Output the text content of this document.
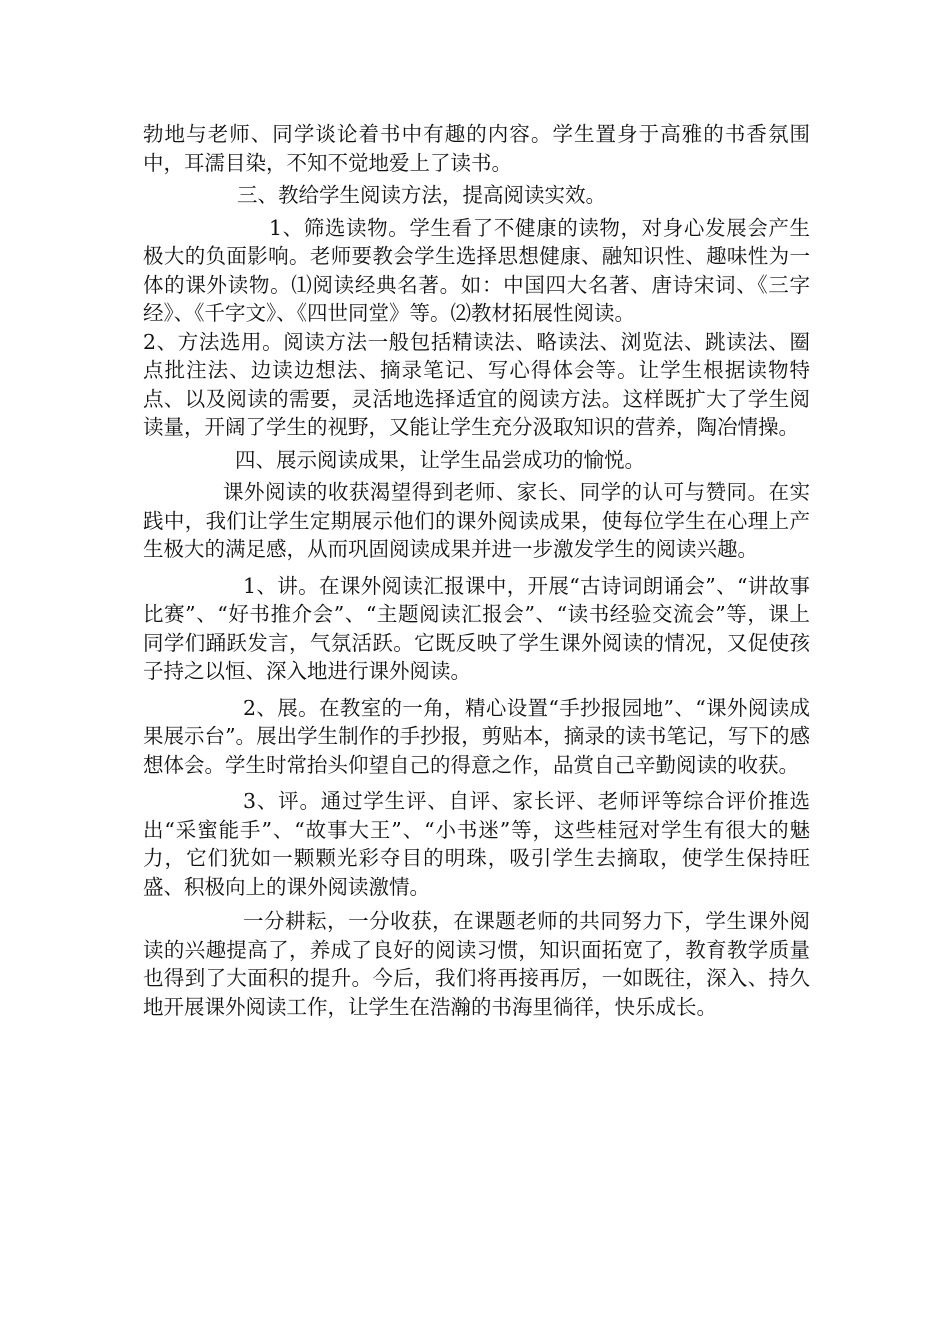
勃地与老师、同学谈论着书中有趣的内容。学生置身于高雅的书香氛围中，耳濡目染，不知不觉地爱上了读书。

三、教给学生阅读方法，提高阅读实效。

1、筛选读物。学生看了不健康的读物，对身心发展会产生极大的负面影响。老师要教会学生选择思想健康、融知识性、趣味性为一体的课外读物。⑴阅读经典名著。如：中国四大名著、唐诗宋词、《三字经》、《千字文》、《四世同堂》等。⑵教材拓展性阅读。

2、方法选用。阅读方法一般包括精读法、略读法、浏览法、跳读法、圈点批注法、边读边想法、摘录笔记、写心得体会等。让学生根据读物特点、以及阅读的需要，灵活地选择适宜的阅读方法。这样既扩大了学生阅读量，开阔了学生的视野，又能让学生充分汲取知识的营养，陶冶情操。

四、展示阅读成果，让学生品尝成功的愉悦。

课外阅读的收获渴望得到老师、家长、同学的认可与赞同。在实践中，我们让学生定期展示他们的课外阅读成果，使每位学生在心理上产生极大的满足感，从而巩固阅读成果并进一步激发学生的阅读兴趣。

1、讲。在课外阅读汇报课中，开展“古诗词朗诵会”、“讲故事比赛”、“好书推介会”、“主题阅读汇报会”、“读书经验交流会”等，课上同学们踊跃发言，气氛活跃。它既反映了学生课外阅读的情况，又促使孩子持之以恒、深入地进行课外阅读。

2、展。在教室的一角，精心设置“手抄报园地”、“课外阅读成果展示台”。展出学生制作的手抄报，剪贴本，摘录的读书笔记，写下的感想体会。学生时常抬头仰望自己的得意之作，品赏自己辛勤阅读的收获。

3、评。通过学生评、自评、家长评、老师评等综合评价推选出“采蜜能手”、“故事大王”、“小书迷”等，这些桂冠对学生有很大的魅力，它们犹如一颗颗光彩夺目的明珠，吸引学生去摘取，使学生保持旺盛、积极向上的课外阅读激情。

一分耕耘，一分收获，在课题老师的共同努力下，学生课外阅读的兴趣提高了，养成了良好的阅读习惯，知识面拓宽了，教育教学质量也得到了大面积的提升。今后，我们将再接再厉，一如既往，深入、持久地开展课外阅读工作，让学生在浩瀚的书海里徜徉，快乐成长。
